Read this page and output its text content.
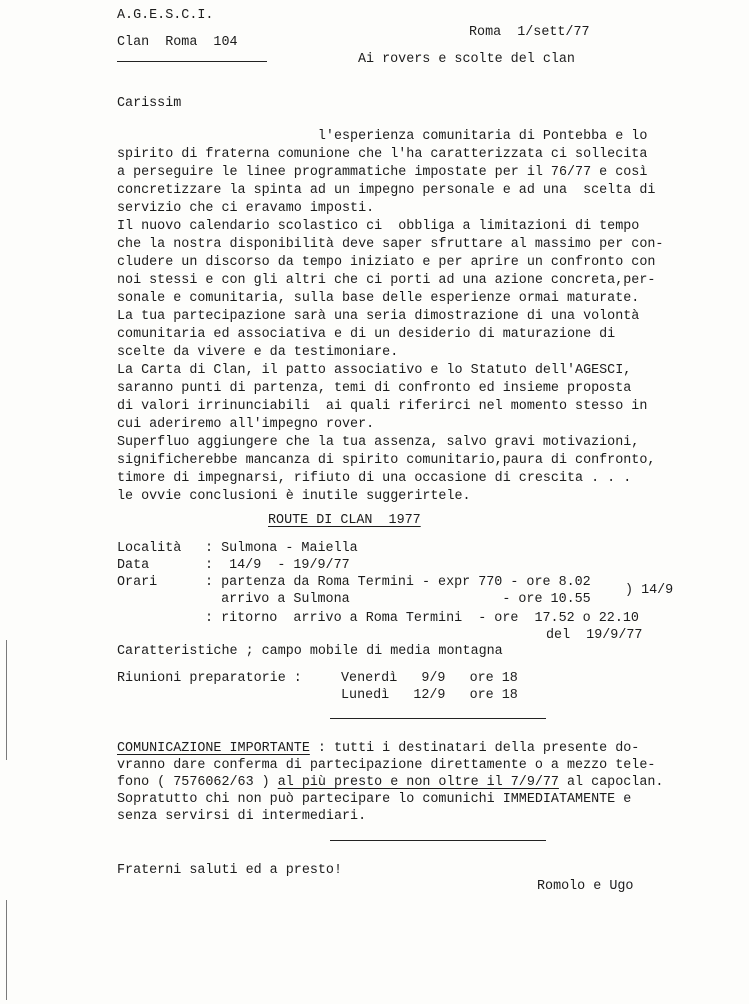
A.G.E.S.C.I.
Clan  Roma  104
Roma  1/sett/77
Ai rovers e scolte del clan
Carissim
l'esperienza comunitaria di Pontebba e lo
spirito di fraterna comunione che l'ha caratterizzata ci sollecita
a perseguire le linee programmatiche impostate per il 76/77 e così
concretizzare la spinta ad un impegno personale e ad una  scelta di
servizio che ci eravamo imposti.
Il nuovo calendario scolastico ci  obbliga a limitazioni di tempo
che la nostra disponibilità deve saper sfruttare al massimo per con-
cludere un discorso da tempo iniziato e per aprire un confronto con
noi stessi e con gli altri che ci porti ad una azione concreta,per-
sonale e comunitaria, sulla base delle esperienze ormai maturate.
La tua partecipazione sarà una seria dimostrazione di una volontà
comunitaria ed associativa e di un desiderio di maturazione di
scelte da vivere e da testimoniare.
La Carta di Clan, il patto associativo e lo Statuto dell'AGESCI,
saranno punti di partenza, temi di confronto ed insieme proposta
di valori irrinunciabili  ai quali riferirci nel momento stesso in
cui aderiremo all'impegno rover.
Superfluo aggiungere che la tua assenza, salvo gravi motivazioni,
significherebbe mancanza di spirito comunitario,paura di confronto,
timore di impegnarsi, rifiuto di una occasione di crescita . . .
le ovvie conclusioni è inutile suggerirtele.
ROUTE DI CLAN  1977
Località : Sulmona - Maiella
Data	:  14/9  - 19/9/77
Orari	: partenza da Roma Termini - expr 770 - ore 8.02
arrivo a Sulmona                   - ore 10.55
) 14/9
: ritorno  arrivo a Roma Termini  - ore  17.52 o 22.10
del  19/9/77
Caratteristiche ; campo mobile di media montagna
Riunioni preparatorie :	Venerdì   9/9   ore 18
Lunedì   12/9   ore 18
COMUNICAZIONE IMPORTANTE : tutti i destinatari della presente do-
vranno dare conferma di partecipazione direttamente o a mezzo tele-
fono ( 7576062/63 ) al più presto e non oltre il 7/9/77 al capoclan.
Sopratutto chi non può partecipare lo comunichi IMMEDIATAMENTE e
senza servirsi di intermediari.
Fraterni saluti ed a presto!
Romolo e Ugo
